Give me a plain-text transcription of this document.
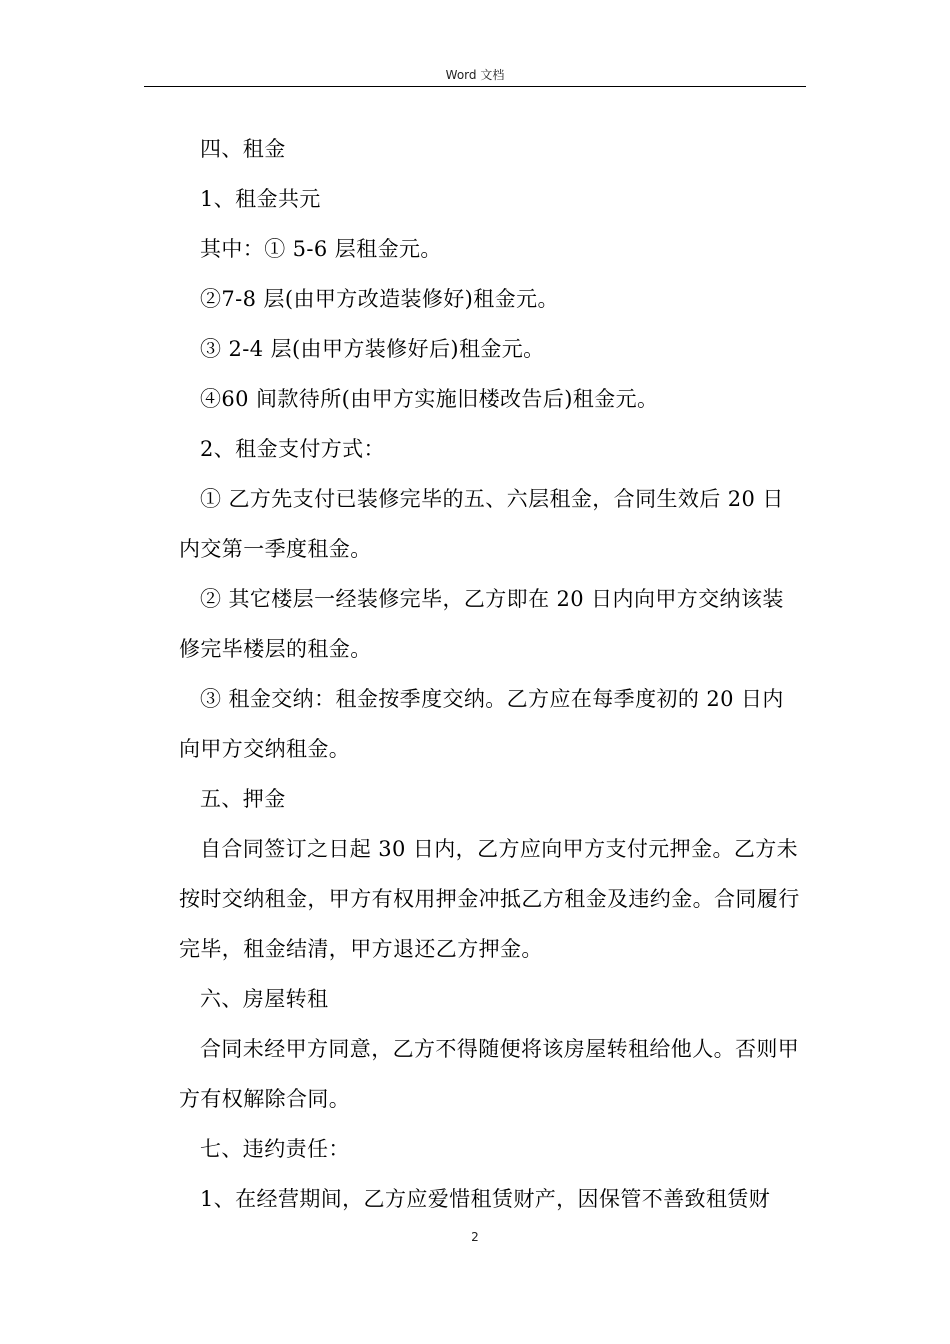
Word 文档

四、租金

1、租金共元

其中：① 5-6 层租金元。

②7-8 层(由甲方改造装修好)租金元。

③ 2-4 层(由甲方装修好后)租金元。

④60 间款待所(由甲方实施旧楼改告后)租金元。

2、租金支付方式：

① 乙方先支付已装修完毕的五、六层租金，合同生效后 20 日内交第一季度租金。

② 其它楼层一经装修完毕，乙方即在 20 日内向甲方交纳该装修完毕楼层的租金。

③ 租金交纳：租金按季度交纳。乙方应在每季度初的 20 日内向甲方交纳租金。

五、押金

自合同签订之日起 30 日内，乙方应向甲方支付元押金。乙方未按时交纳租金，甲方有权用押金冲抵乙方租金及违约金。合同履行完毕，租金结清，甲方退还乙方押金。

六、房屋转租

合同未经甲方同意，乙方不得随便将该房屋转租给他人。否则甲方有权解除合同。

七、违约责任：

1、在经营期间，乙方应爱惜租赁财产，因保管不善致租赁财

2
